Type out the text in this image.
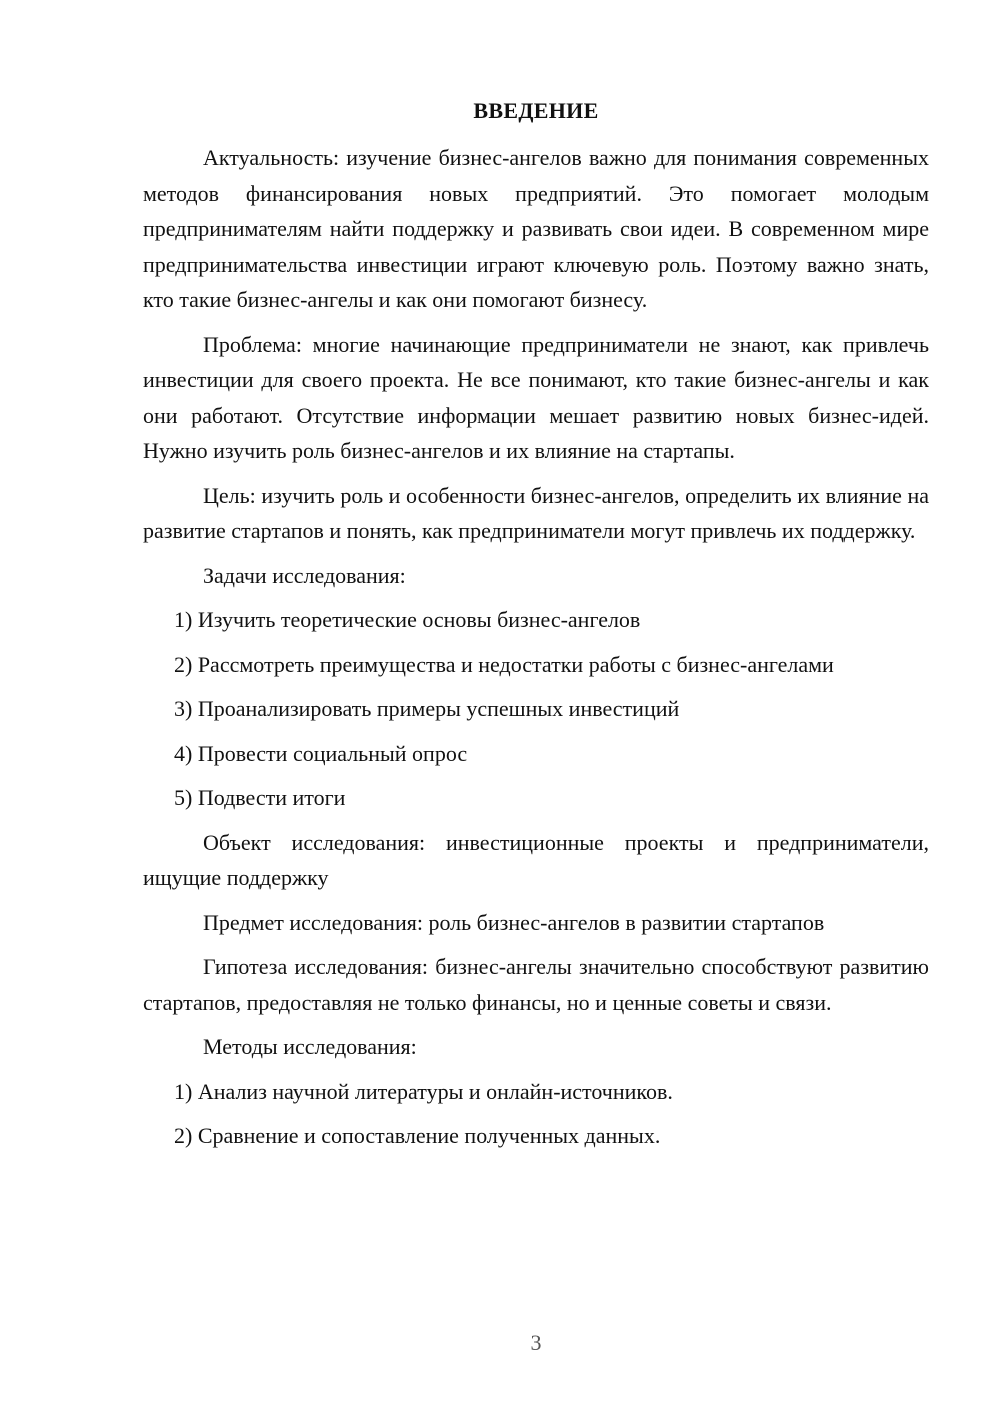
ВВЕДЕНИЕ

Актуальность: изучение бизнес-ангелов важно для понимания современных методов финансирования новых предприятий. Это помогает молодым предпринимателям найти поддержку и развивать свои идеи. В современном мире предпринимательства инвестиции играют ключевую роль. Поэтому важно знать, кто такие бизнес-ангелы и как они помогают бизнесу.

Проблема: многие начинающие предприниматели не знают, как привлечь инвестиции для своего проекта. Не все понимают, кто такие бизнес-ангелы и как они работают. Отсутствие информации мешает развитию новых бизнес-идей. Нужно изучить роль бизнес-ангелов и их влияние на стартапы.

Цель: изучить роль и особенности бизнес-ангелов, определить их влияние на развитие стартапов и понять, как предприниматели могут привлечь их поддержку.

Задачи исследования:
1) Изучить теоретические основы бизнес-ангелов
2) Рассмотреть преимущества и недостатки работы с бизнес-ангелами
3) Проанализировать примеры успешных инвестиций
4) Провести социальный опрос
5) Подвести итоги

Объект исследования: инвестиционные проекты и предприниматели, ищущие поддержку

Предмет исследования: роль бизнес-ангелов в развитии стартапов

Гипотеза исследования: бизнес-ангелы значительно способствуют развитию стартапов, предоставляя не только финансы, но и ценные советы и связи.

Методы исследования:
1) Анализ научной литературы и онлайн-источников.
2) Сравнение и сопоставление полученных данных.
3
